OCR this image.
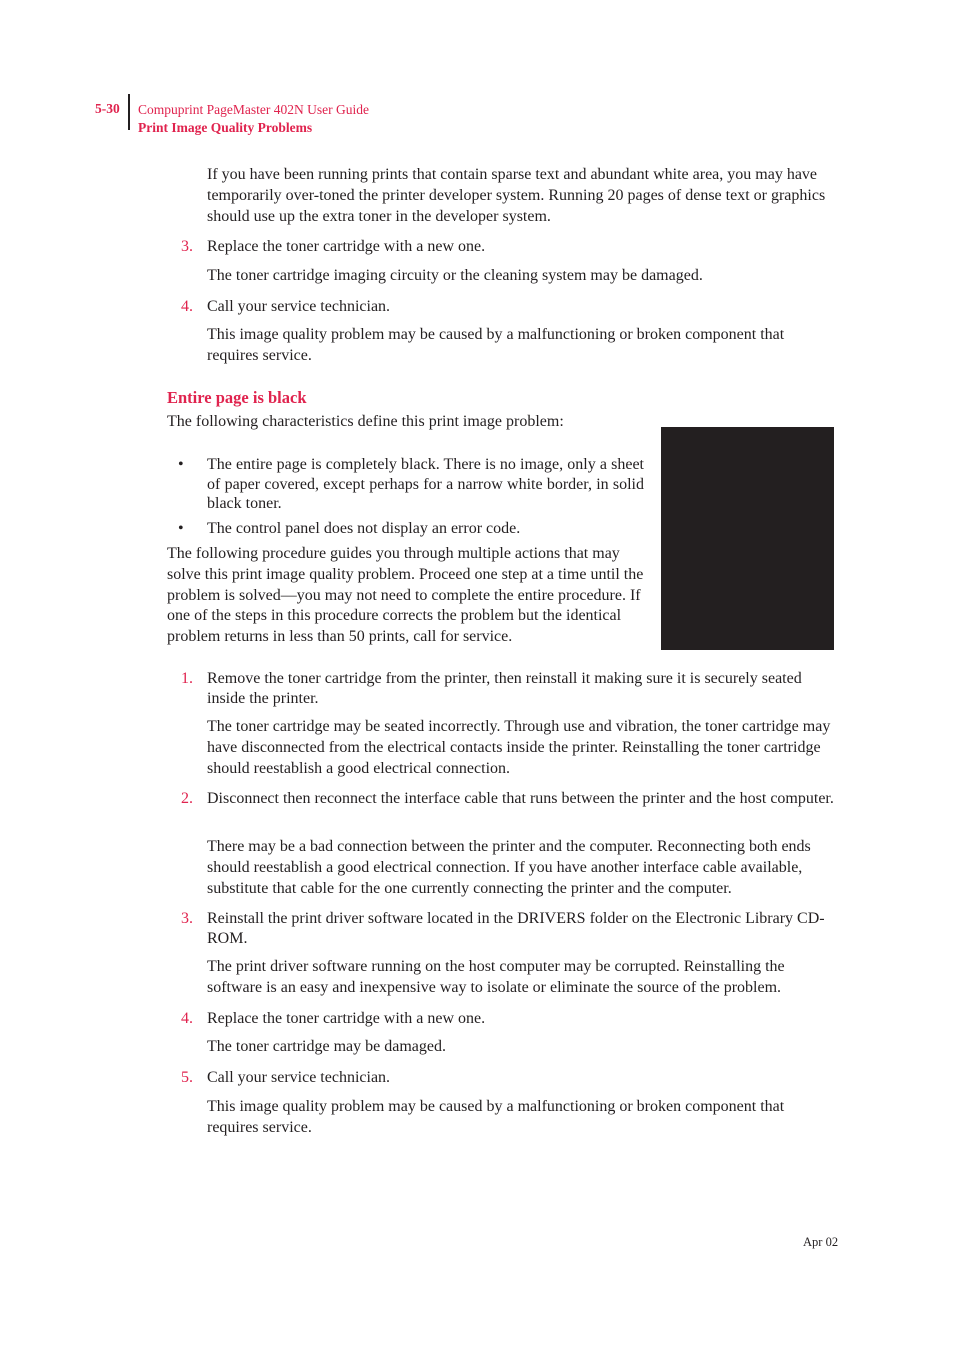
5-30 Compuprint PageMaster 402N User Guide
Print Image Quality Problems

If you have been running prints that contain sparse text and abundant white area, you may have temporarily over-toned the printer developer system. Running 20 pages of dense text or graphics should use up the extra toner in the developer system.

3. Replace the toner cartridge with a new one.

The toner cartridge imaging circuity or the cleaning system may be damaged.

4. Call your service technician.

This image quality problem may be caused by a malfunctioning or broken component that requires service.

Entire page is black

The following characteristics define this print image problem:

• The entire page is completely black. There is no image, only a sheet of paper covered, except perhaps for a narrow white border, in solid black toner.

• The control panel does not display an error code.

The following procedure guides you through multiple actions that may solve this print image quality problem. Proceed one step at a time until the problem is solved—you may not need to complete the entire procedure. If one of the steps in this procedure corrects the problem but the identical problem returns in less than 50 prints, call for service.

1. Remove the toner cartridge from the printer, then reinstall it making sure it is securely seated inside the printer.

The toner cartridge may be seated incorrectly. Through use and vibration, the toner cartridge may have disconnected from the electrical contacts inside the printer. Reinstalling the toner cartridge should reestablish a good electrical connection.

2. Disconnect then reconnect the interface cable that runs between the printer and the host computer.

There may be a bad connection between the printer and the computer. Reconnecting both ends should reestablish a good electrical connection. If you have another interface cable available, substitute that cable for the one currently connecting the printer and the computer.

3. Reinstall the print driver software located in the DRIVERS folder on the Electronic Library CD-ROM.

The print driver software running on the host computer may be corrupted. Reinstalling the software is an easy and inexpensive way to isolate or eliminate the source of the problem.

4. Replace the toner cartridge with a new one.

The toner cartridge may be damaged.

5. Call your service technician.

This image quality problem may be caused by a malfunctioning or broken component that requires service.

Apr 02
